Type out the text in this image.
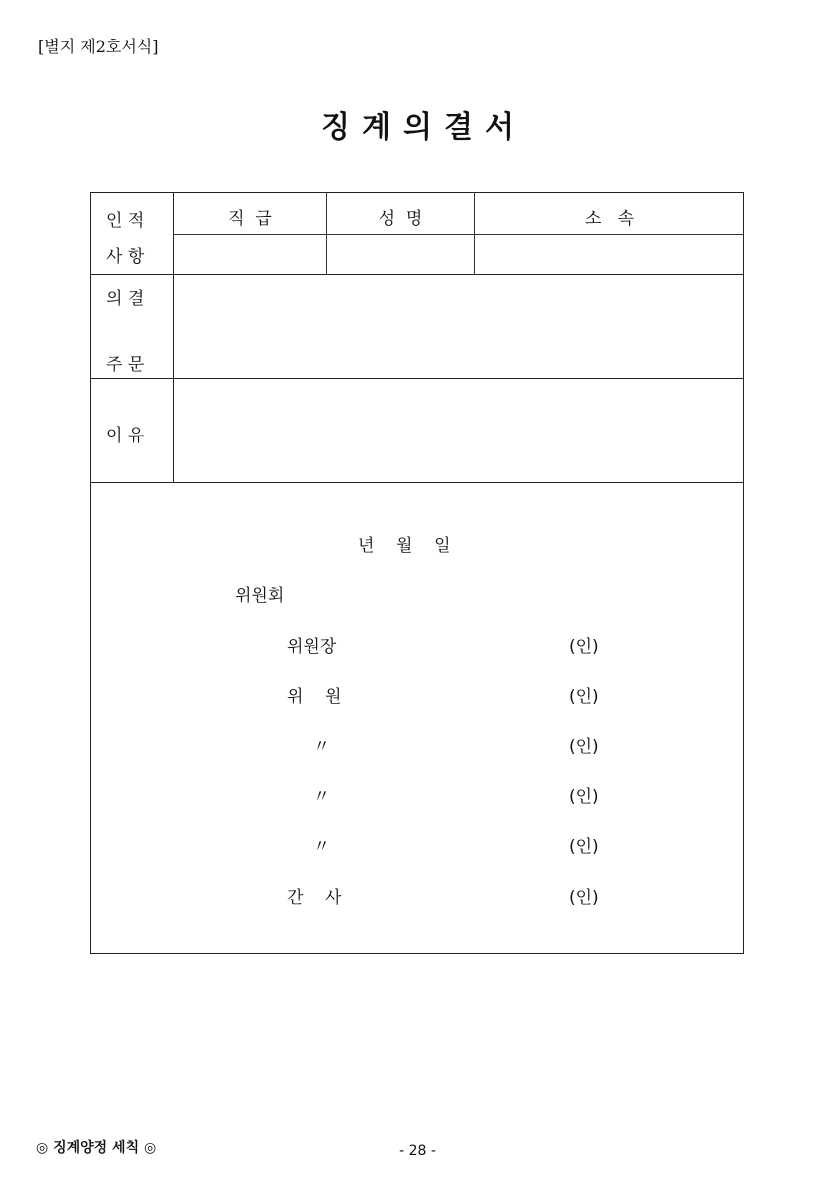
[별지 제2호서식]
징계의결서
인 적
사 항
직  급	성  명	소   속
의 결
주 문
이 유
년    월    일
위원회
위원장	(인)
위    원	(인)
〃	(인)
〃	(인)
〃	(인)
간    사	(인)
◎ 징계양정 세칙 ◎	- 28 -
